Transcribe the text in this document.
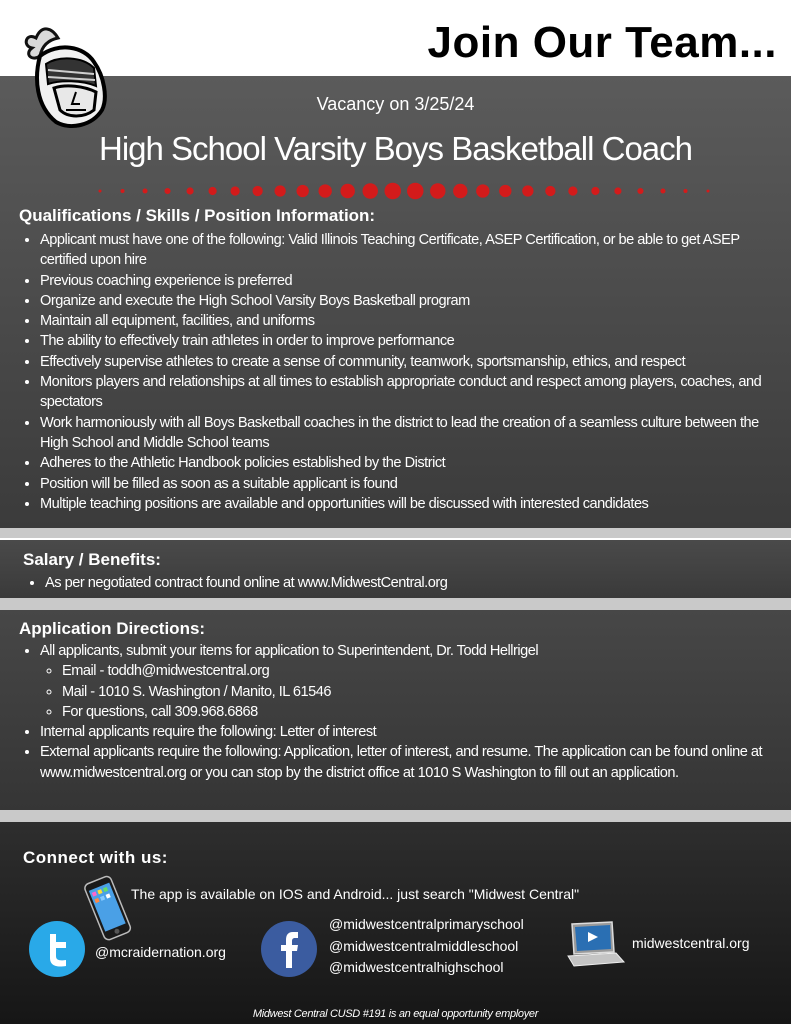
Join Our Team...
Vacancy on 3/25/24
High School Varsity Boys Basketball Coach
Qualifications / Skills / Position Information:
• Applicant must have one of the following: Valid Illinois Teaching Certificate, ASEP Certification, or be able to get ASEP certified upon hire
• Previous coaching experience is preferred
• Organize and execute the High School Varsity Boys Basketball program
• Maintain all equipment, facilities, and uniforms
• The ability to effectively train athletes in order to improve performance
• Effectively supervise athletes to create a sense of community, teamwork, sportsmanship, ethics, and respect
• Monitors players and relationships at all times to establish appropriate conduct and respect among players, coaches, and spectators
• Work harmoniously with all Boys Basketball coaches in the district to lead the creation of a seamless culture between the High School and Middle School teams
• Adheres to the Athletic Handbook policies established by the District
• Position will be filled as soon as a suitable applicant is found
• Multiple teaching positions are available and opportunities will be discussed with interested candidates
Salary / Benefits:
• As per negotiated contract found online at www.MidwestCentral.org
Application Directions:
• All applicants, submit your items for application to Superintendent, Dr. Todd Hellrigel
◦ Email - toddh@midwestcentral.org
◦ Mail - 1010 S. Washington / Manito, IL 61546
◦ For questions, call 309.968.6868
• Internal applicants require the following: Letter of interest
• External applicants require the following: Application, letter of interest, and resume. The application can be found online at www.midwestcentral.org or you can stop by the district office at 1010 S Washington to fill out an application.
Connect with us:
The app is available on IOS and Android... just search "Midwest Central"
@mcraidernation.org
@midwestcentralprimaryschool
@midwestcentralmiddleschool
@midwestcentralhighschool
midwestcentral.org
Midwest Central CUSD #191 is an equal opportunity employer
